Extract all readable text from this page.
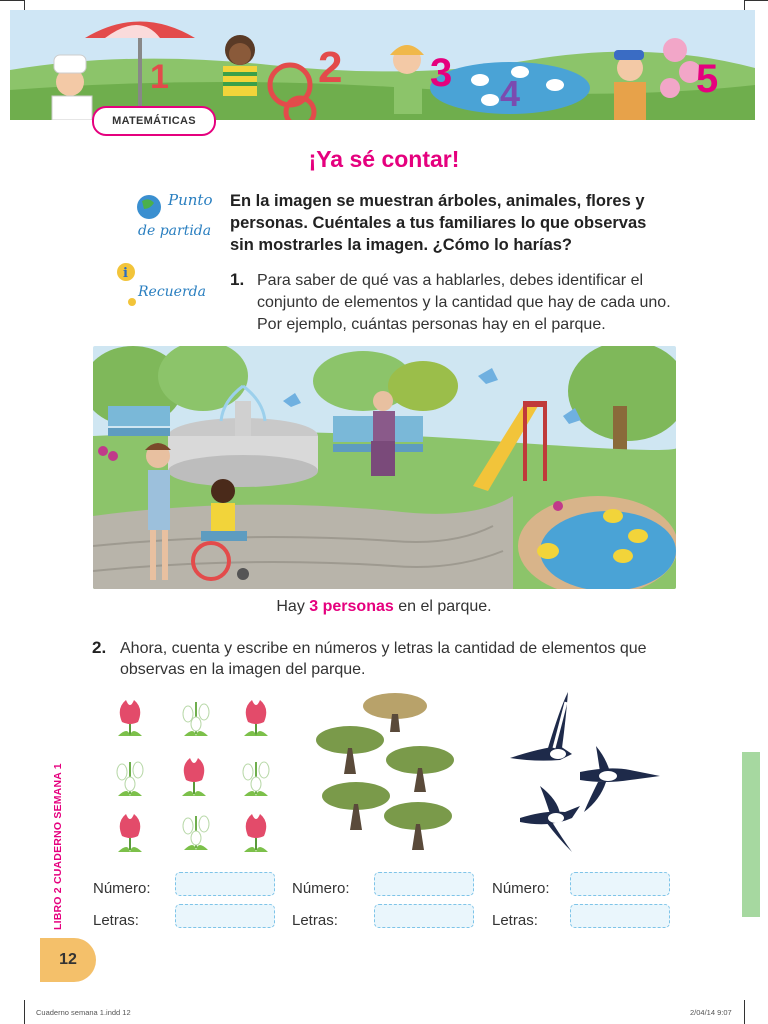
1	2 3 4	5
MATEMÁTICAS
¡Ya sé contar!
Punto
de partida
En la imagen se muestran árboles, animales, flores y personas. Cuéntales a tus familiares lo que observas sin mostrarles la imagen. ¿Cómo lo harías?
i
Recuerda
1. Para saber de qué vas a hablarles, debes identificar el conjunto de elementos y la cantidad que hay de cada uno. Por ejemplo, cuántas personas hay en el parque.
Hay 3 personas en el parque.
2. Ahora, cuenta y escribe en números y letras la cantidad de elementos que observas en la imagen del parque.
Número:
Letras:
Número:
Letras:
Número:
Letras:
LIBRO 2 CUADERNO SEMANA 1
12
Cuaderno semana 1.indd 12	2/04/14 9:07
